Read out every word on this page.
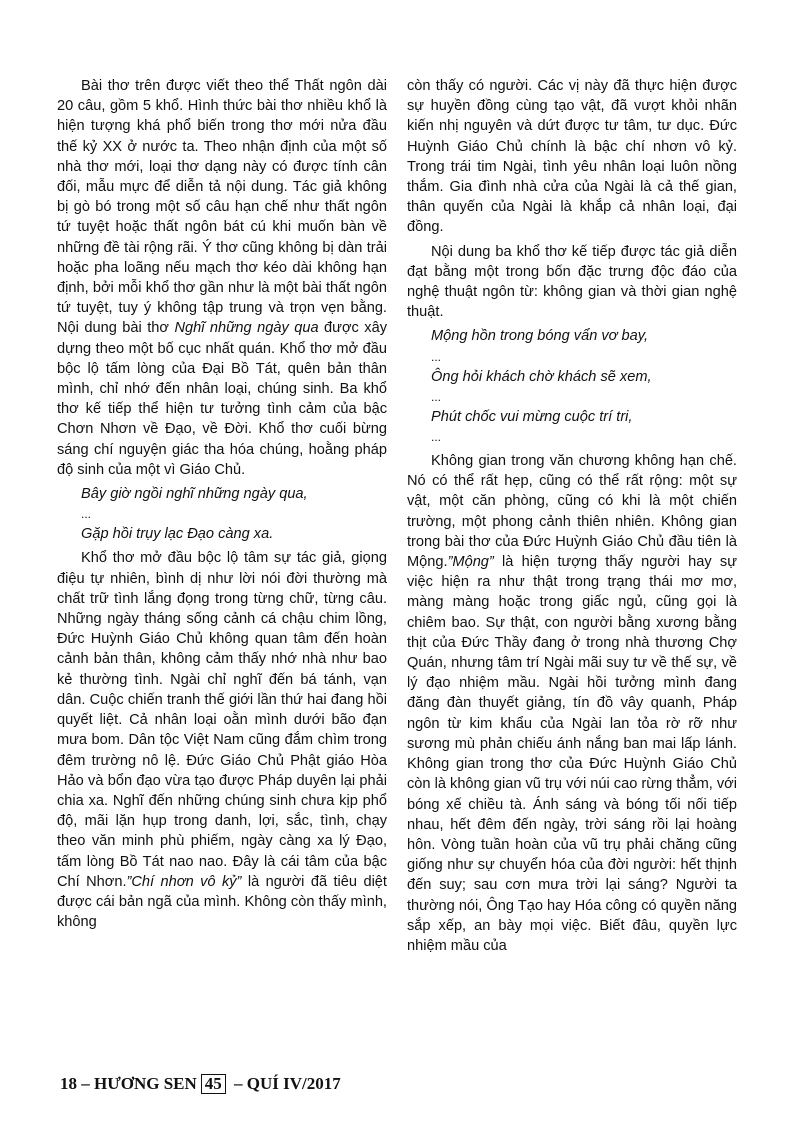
Bài thơ trên được viết theo thể Thất ngôn dài 20 câu, gồm 5 khổ. Hình thức bài thơ nhiều khổ là hiện tượng khá phổ biến trong thơ mới nửa đầu thế kỷ XX ở nước ta. Theo nhận định của một số nhà thơ mới, loại thơ dạng này có được tính cân đối, mẫu mực để diễn tả nội dung. Tác giả không bị gò bó trong một số câu hạn chế như thất ngôn tứ tuyệt hoặc thất ngôn bát cú khi muốn bàn về những đề tài rộng rãi. Ý thơ cũng không bị dàn trải hoặc pha loãng nếu mạch thơ kéo dài không hạn định, bởi mỗi khổ thơ gần như là một bài thất ngôn tứ tuyệt, tuy ý không tập trung và trọn vẹn bằng. Nội dung bài thơ Nghĩ những ngày qua được xây dựng theo một bố cục nhất quán. Khổ thơ mở đầu bộc lộ tấm lòng của Đại Bồ Tát, quên bản thân mình, chỉ nhớ đến nhân loại, chúng sinh. Ba khổ thơ kế tiếp thể hiện tư tưởng tình cảm của bậc Chơn Nhơn về Đạo, về Đời. Khổ thơ cuối bừng sáng chí nguyện giác tha hóa chúng, hoằng pháp độ sinh của một vì Giáo Chủ.

Bây giờ ngồi nghĩ những ngày qua,
...
Gặp hồi trụy lạc Đạo càng xa.

Khổ thơ mở đầu bộc lộ tâm sự tác giả, giọng điệu tự nhiên, bình dị như lời nói đời thường mà chất trữ tình lắng đọng trong từng chữ, từng câu. Những ngày tháng sống cảnh cá chậu chim lồng, Đức Huỳnh Giáo Chủ không quan tâm đến hoàn cảnh bản thân, không cảm thấy nhớ nhà như bao kẻ thường tình. Ngài chỉ nghĩ đến bá tánh, vạn dân. Cuộc chiến tranh thế giới lần thứ hai đang hồi quyết liệt. Cả nhân loại oằn mình dưới bão đạn mưa bom. Dân tộc Việt Nam cũng đắm chìm trong đêm trường nô lệ. Đức Giáo Chủ Phật giáo Hòa Hảo và bổn đạo vừa tạo được Pháp duyên lại phải chia xa. Nghĩ đến những chúng sinh chưa kịp phổ độ, mãi lặn hụp trong danh, lợi, sắc, tình, chạy theo văn minh phù phiếm, ngày càng xa lý Đạo, tấm lòng Bồ Tát nao nao. Đây là cái tâm của bậc Chí Nhơn.”Chí nhơn vô kỷ” là người đã tiêu diệt được cái bản ngã của mình. Không còn thấy mình, không

còn thấy có người. Các vị này đã thực hiện được sự huyền đồng cùng tạo vật, đã vượt khỏi nhãn kiến nhị nguyên và dứt được tư tâm, tư dục. Đức Huỳnh Giáo Chủ chính là bậc chí nhơn vô kỷ. Trong trái tim Ngài, tình yêu nhân loại luôn nồng thắm. Gia đình nhà cửa của Ngài là cả thế gian, thân quyến của Ngài là khắp cả nhân loại, đại đồng.

Nội dung ba khổ thơ kế tiếp được tác giả diễn đạt bằng một trong bốn đặc trưng độc đáo của nghệ thuật ngôn từ: không gian và thời gian nghệ thuật.

Mộng hồn trong bóng vẩn vơ bay,
...
Ông hỏi khách chờ khách sẽ xem,
...
Phút chốc vui mừng cuộc trí tri,
...

Không gian trong văn chương không hạn chế. Nó có thể rất hẹp, cũng có thể rất rộng: một sự vật, một căn phòng, cũng có khi là một chiến trường, một phong cảnh thiên nhiên. Không gian trong bài thơ của Đức Huỳnh Giáo Chủ đầu tiên là Mộng.”Mộng” là hiện tượng thấy người hay sự việc hiện ra như thật trong trạng thái mơ mơ, màng màng hoặc trong giấc ngủ, cũng gọi là chiêm bao. Sự thật, con người bằng xương bằng thịt của Đức Thầy đang ở trong nhà thương Chợ Quán, nhưng tâm trí Ngài mãi suy tư về thế sự, về lý đạo nhiệm mầu. Ngài hồi tưởng mình đang đăng đàn thuyết giảng, tín đồ vây quanh, Pháp ngôn từ kim khẩu của Ngài lan tỏa rờ rỡ như sương mù phản chiếu ánh nắng ban mai lấp lánh. Không gian trong thơ của Đức Huỳnh Giáo Chủ còn là không gian vũ trụ với núi cao rừng thẳm, với bóng xế chiều tà. Ánh sáng và bóng tối nối tiếp nhau, hết đêm đến ngày, trời sáng rồi lại hoàng hôn. Vòng tuần hoàn của vũ trụ phải chăng cũng giống như sự chuyển hóa của đời người: hết thịnh đến suy; sau cơn mưa trời lại sáng? Người ta thường nói, Ông Tạo hay Hóa công có quyền năng sắp xếp, an bày mọi việc. Biết đâu, quyền lực nhiệm mầu của

18 – HƯƠNG SEN 45 – QUÍ IV/2017
